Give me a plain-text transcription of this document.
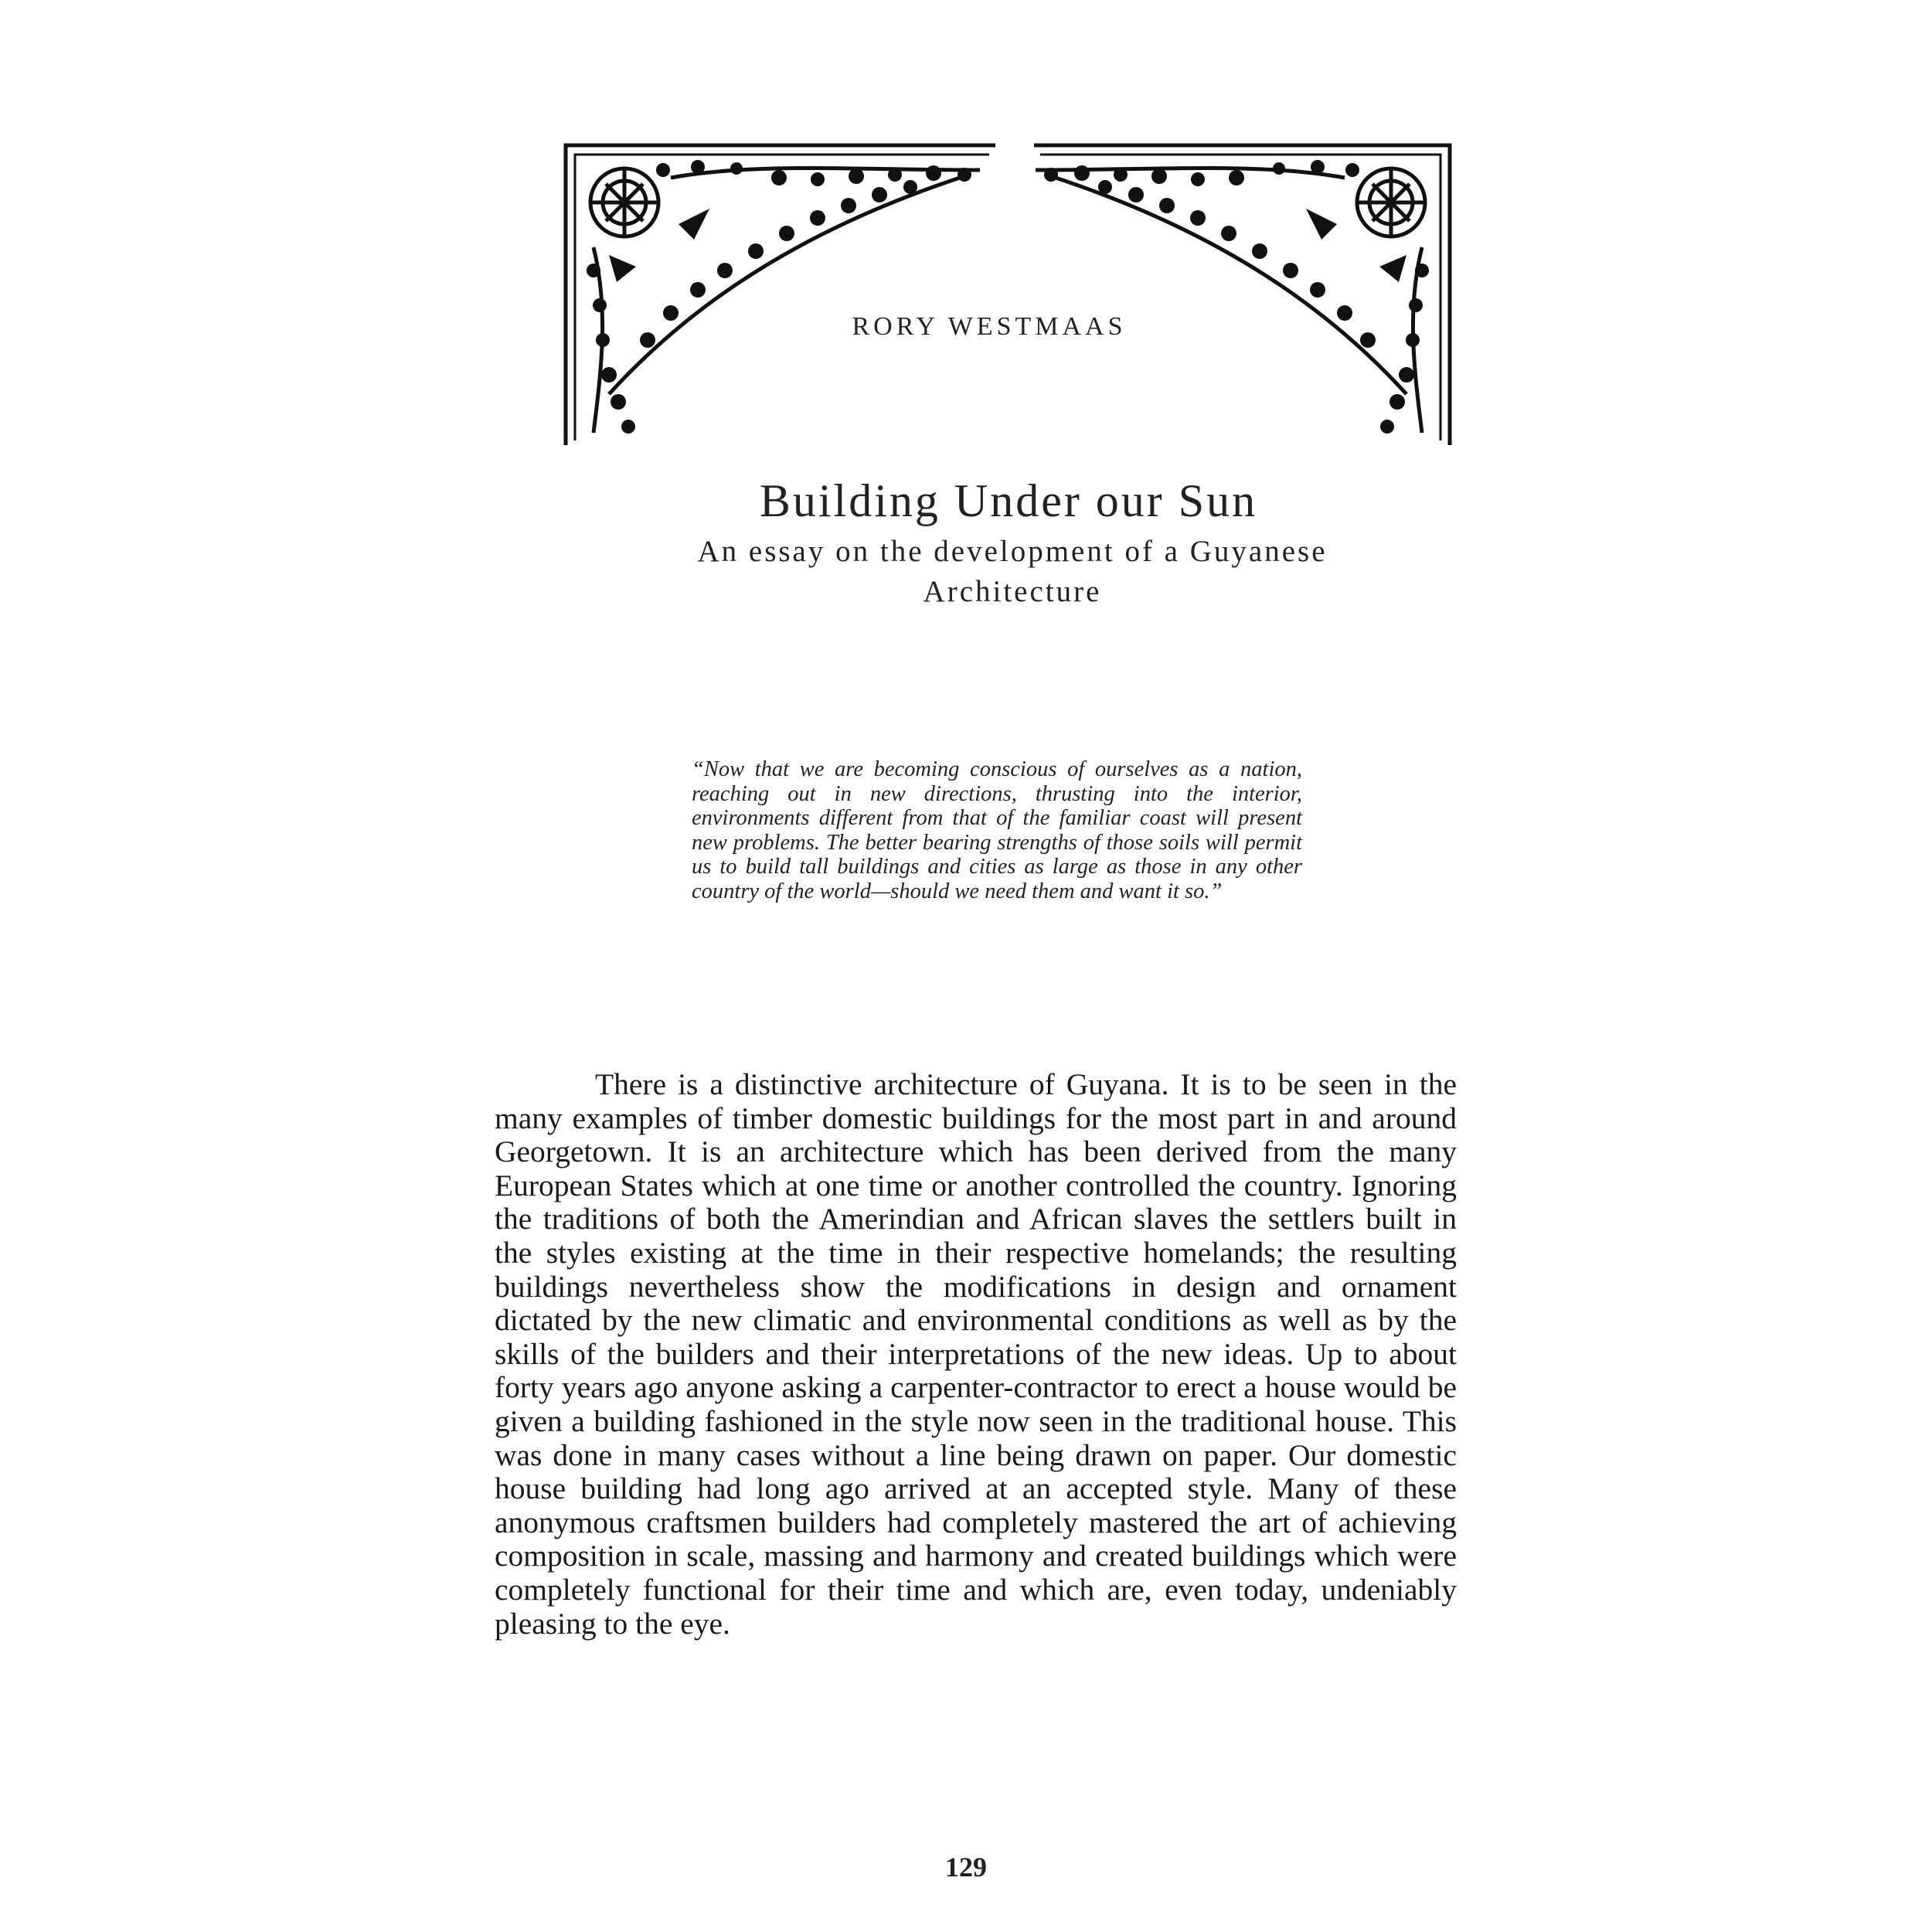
RORY WESTMAAS
Building Under our Sun
An essay on the development of a Guyanese Architecture
“Now that we are becoming conscious of ourselves as a nation, reaching out in new directions, thrusting into the interior, environments different from that of the familiar coast will present new problems. The better bearing strengths of those soils will permit us to build tall buildings and cities as large as those in any other country of the world—should we need them and want it so.”
There is a distinctive architecture of Guyana. It is to be seen in the many examples of timber domestic buildings for the most part in and around Georgetown. It is an architecture which has been derived from the many European States which at one time or another controlled the country. Ignoring the traditions of both the Amerindian and African slaves the settlers built in the styles existing at the time in their respective homelands; the resulting buildings nevertheless show the modifications in design and ornament dictated by the new climatic and environmental conditions as well as by the skills of the builders and their interpretations of the new ideas. Up to about forty years ago anyone asking a carpenter-contractor to erect a house would be given a building fashioned in the style now seen in the traditional house. This was done in many cases without a line being drawn on paper. Our domestic house building had long ago arrived at an accepted style. Many of these anonymous craftsmen builders had completely mastered the art of achieving composition in scale, massing and harmony and created buildings which were completely functional for their time and which are, even today, undeniably pleasing to the eye.
129
